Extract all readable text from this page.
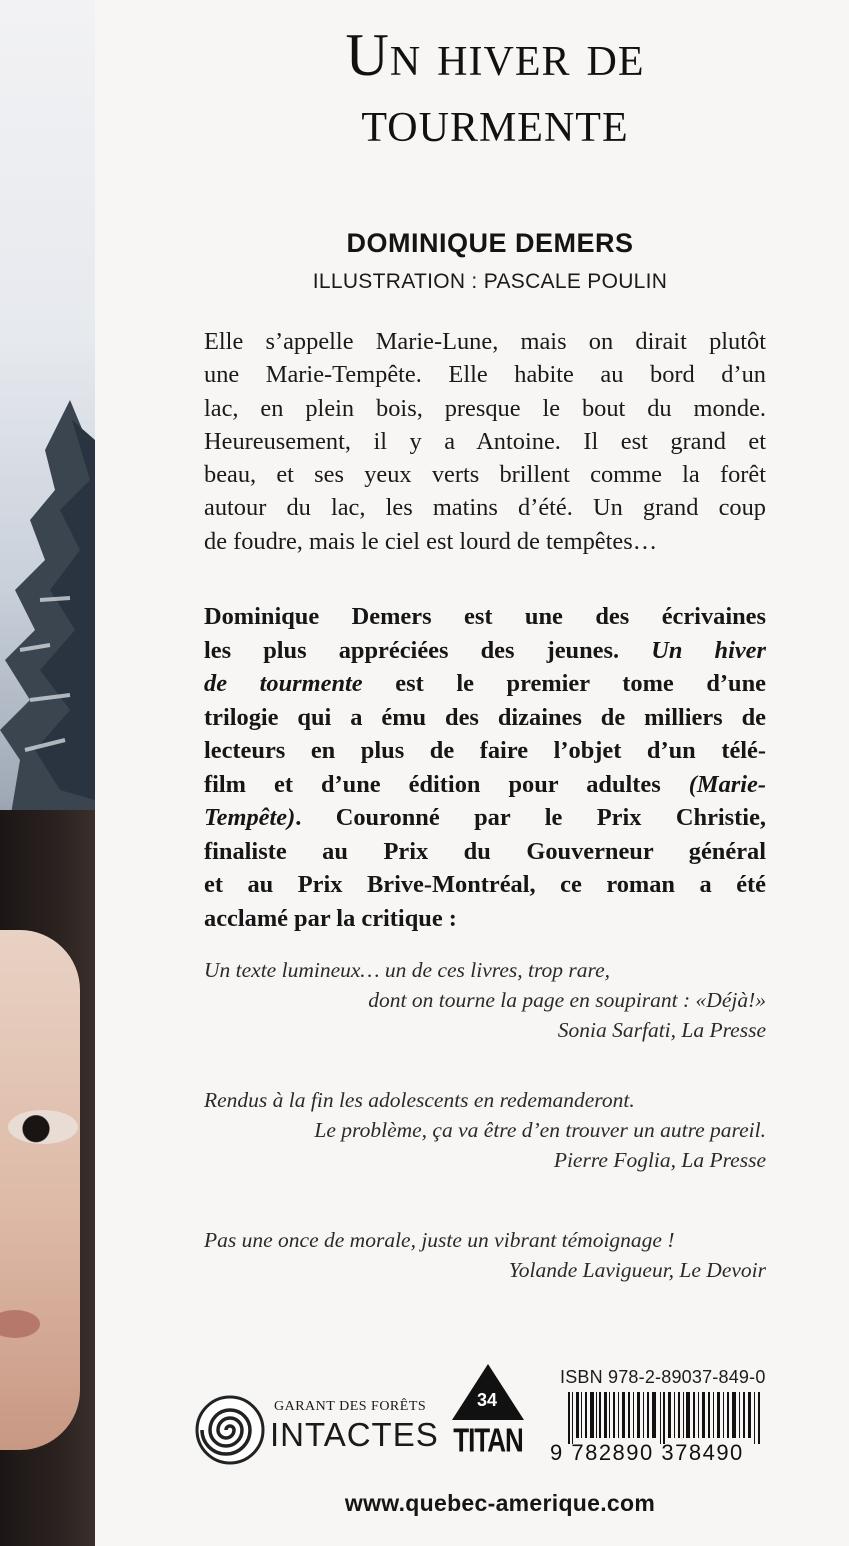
Un hiver de
tourmente
DOMINIQUE DEMERS
ILLUSTRATION : PASCALE POULIN
Elle s’appelle Marie-Lune, mais on dirait plutôt
une Marie-Tempête. Elle habite au bord d’un
lac, en plein bois, presque le bout du monde.
Heureusement, il y a Antoine. Il est grand et
beau, et ses yeux verts brillent comme la forêt
autour du lac, les matins d’été. Un grand coup
de foudre, mais le ciel est lourd de tempêtes…
Dominique Demers est une des écrivaines
les plus appréciées des jeunes. Un hiver
de tourmente est le premier tome d’une
trilogie qui a ému des dizaines de milliers de
lecteurs en plus de faire l’objet d’un télé-
film et d’une édition pour adultes (Marie-
Tempête). Couronné par le Prix Christie,
finaliste au Prix du Gouverneur général
et au Prix Brive-Montréal, ce roman a été
acclamé par la critique :
Un texte lumineux… un de ces livres, trop rare,
dont on tourne la page en soupirant : «Déjà!»
Sonia Sarfati, La Presse
Rendus à la fin les adolescents en redemanderont.
Le problème, ça va être d’en trouver un autre pareil.
Pierre Foglia, La Presse
Pas une once de morale, juste un vibrant témoignage !
Yolande Lavigueur, Le Devoir
GARANT DES FORÊTS
INTACTES
34
TITAN
ISBN 978-2-89037-849-0
9 782890 378490
www.quebec-amerique.com
